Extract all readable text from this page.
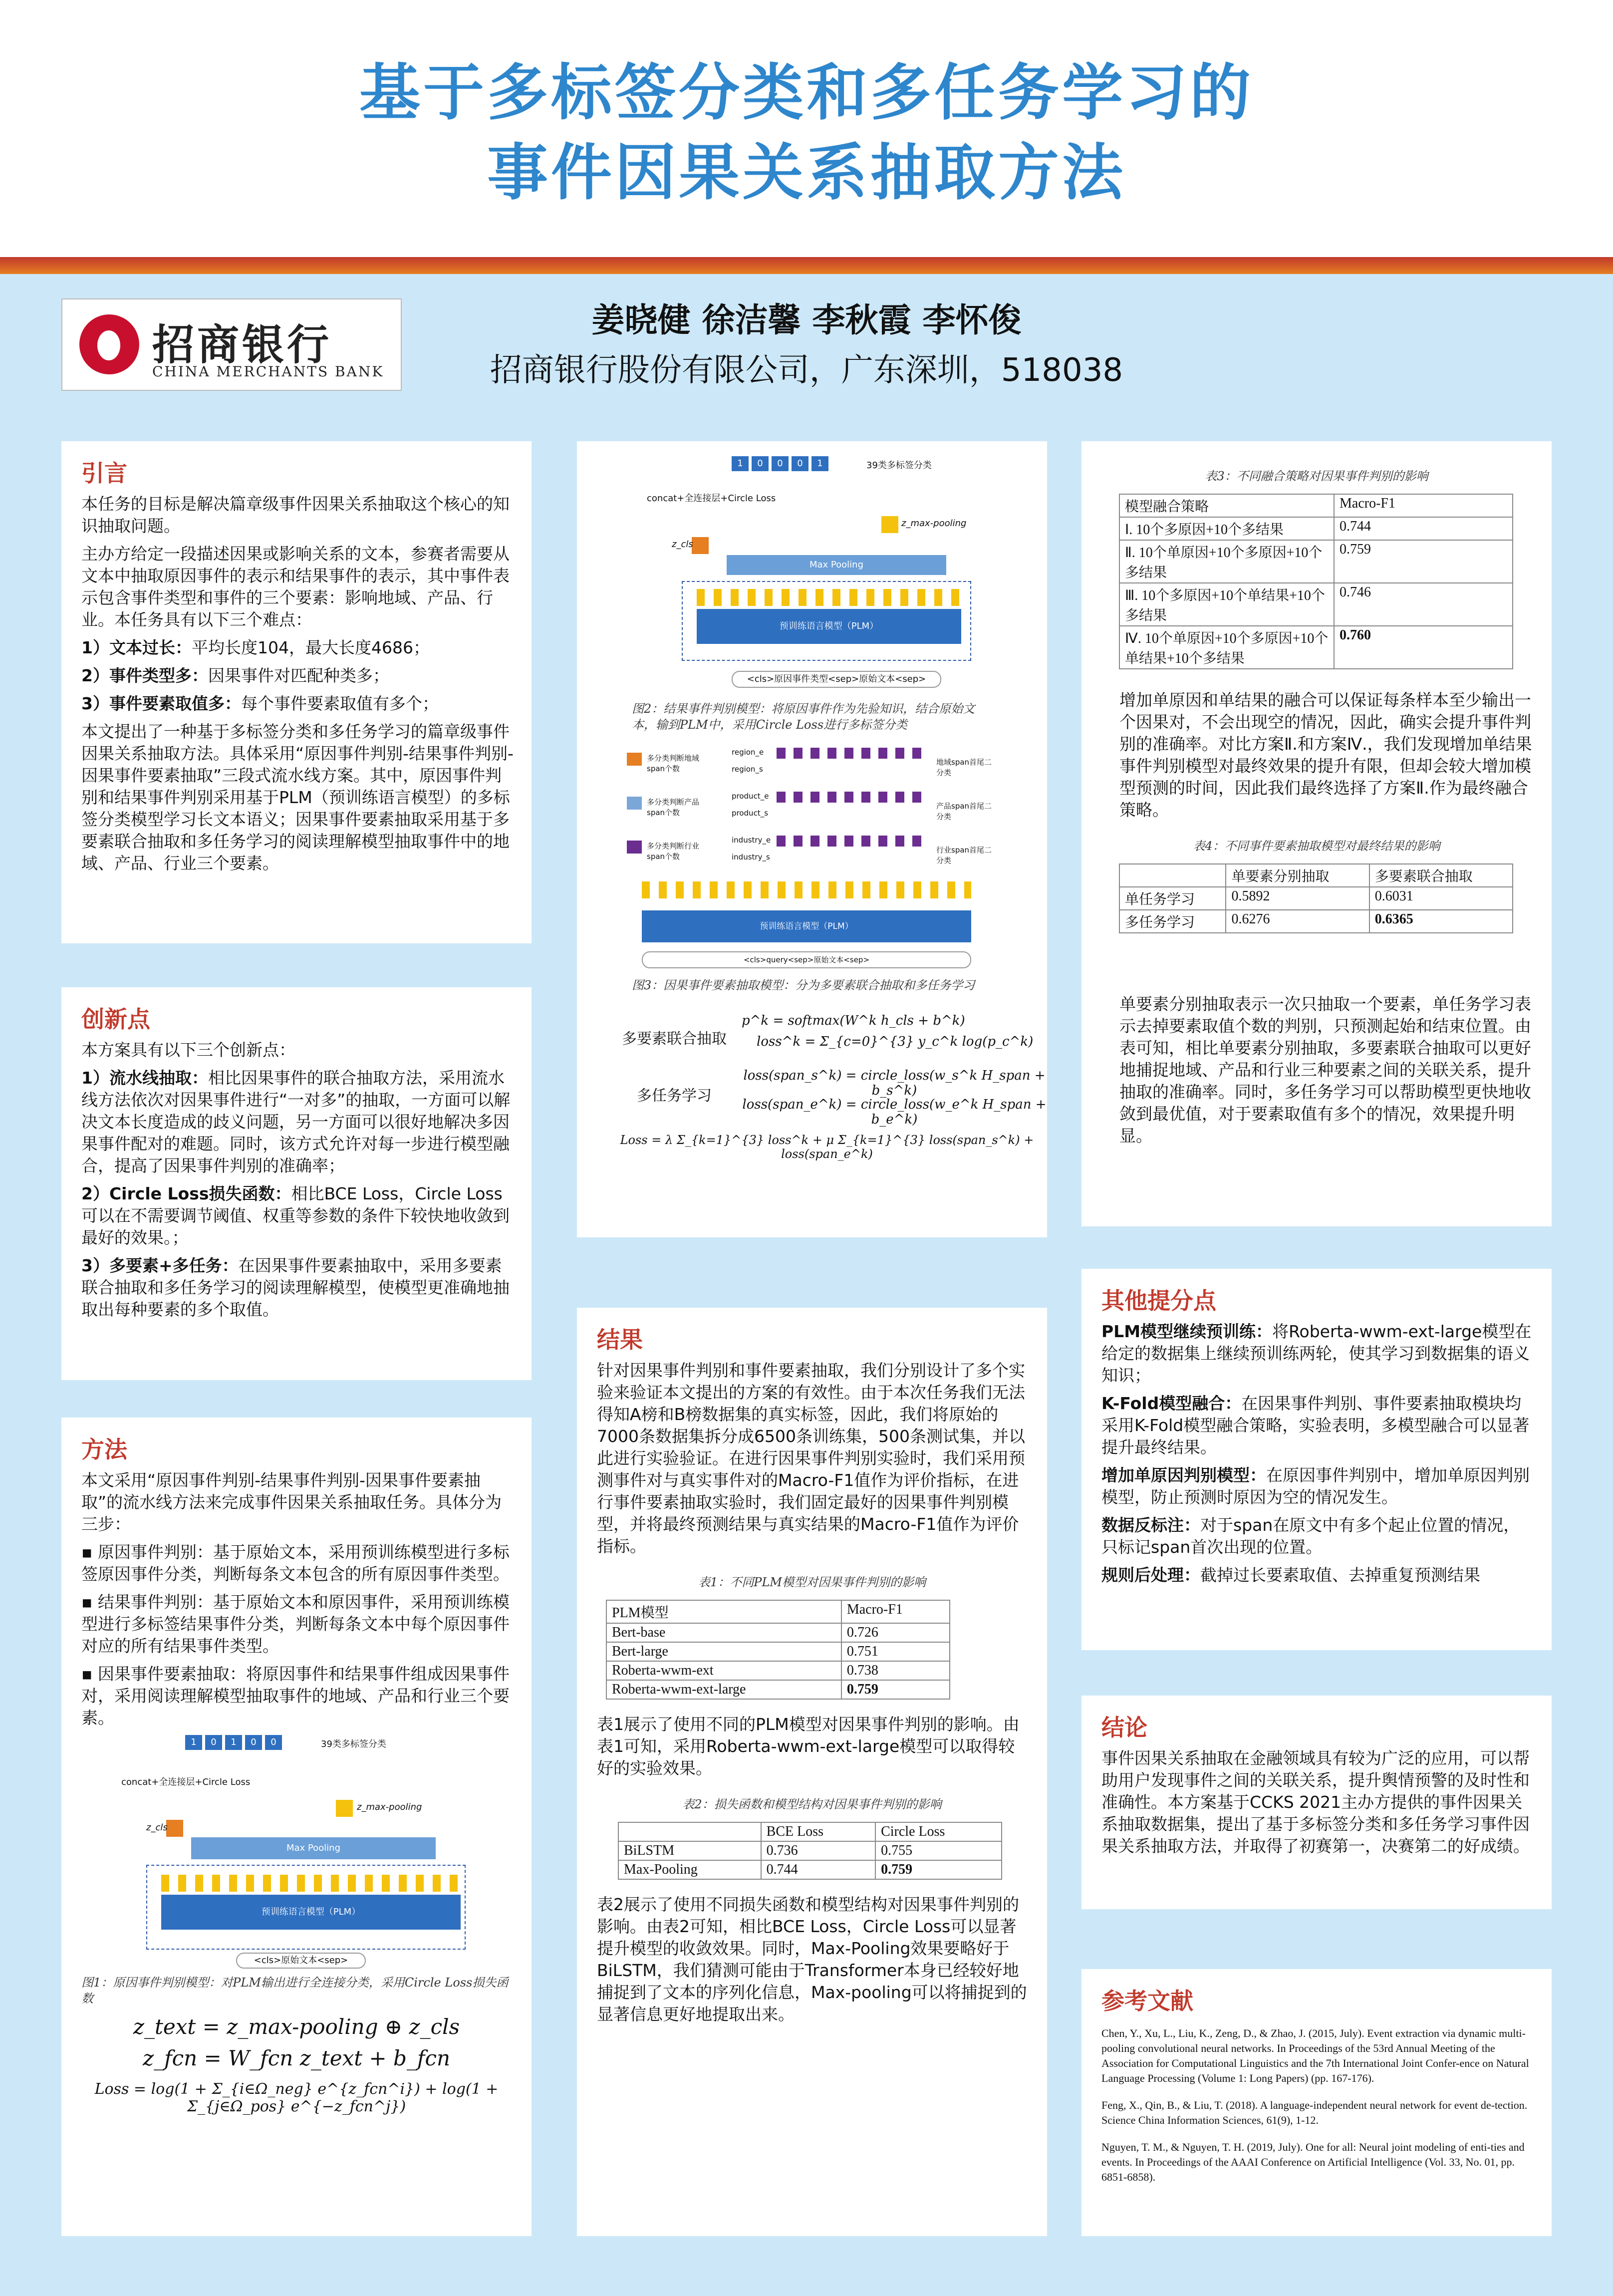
基于多标签分类和多任务学习的
事件因果关系抽取方法
招商银行
CHINA MERCHANTS BANK
姜晓健 徐洁馨 李秋霞 李怀俊
招商银行股份有限公司，广东深圳，518038
引言

本任务的目标是解决篇章级事件因果关系抽取这个核心的知识抽取问题。

主办方给定一段描述因果或影响关系的文本，参赛者需要从文本中抽取原因事件的表示和结果事件的表示，其中事件表示包含事件类型和事件的三个要素：影响地域、产品、行业。本任务具有以下三个难点：

1）文本过长：平均长度104，最大长度4686；

2）事件类型多：因果事件对匹配种类多；

3）事件要素取值多：每个事件要素取值有多个；

本文提出了一种基于多标签分类和多任务学习的篇章级事件因果关系抽取方法。具体采用“原因事件判别-结果事件判别-因果事件要素抽取”三段式流水线方案。其中，原因事件判别和结果事件判别采用基于PLM（预训练语言模型）的多标签分类模型学习长文本语义；因果事件要素抽取采用基于多要素联合抽取和多任务学习的阅读理解模型抽取事件中的地域、产品、行业三个要素。

创新点

本方案具有以下三个创新点：

1）流水线抽取：相比因果事件的联合抽取方法，采用流水线方法依次对因果事件进行“一对多”的抽取，一方面可以解决文本长度造成的歧义问题，另一方面可以很好地解决多因果事件配对的难题。同时，该方式允许对每一步进行模型融合，提高了因果事件判别的准确率；

2）Circle Loss损失函数：相比BCE Loss，Circle Loss可以在不需要调节阈值、权重等参数的条件下较快地收敛到最好的效果。；

3）多要素+多任务：在因果事件要素抽取中，采用多要素联合抽取和多任务学习的阅读理解模型，使模型更准确地抽取出每种要素的多个取值。

方法

本文采用“原因事件判别-结果事件判别-因果事件要素抽取”的流水线方法来完成事件因果关系抽取任务。具体分为三步：

▪ 原因事件判别：基于原始文本，采用预训练模型进行多标签原因事件分类，判断每条文本包含的所有原因事件类型。

▪ 结果事件判别：基于原始文本和原因事件，采用预训练模型进行多标签结果事件分类，判断每条文本中每个原因事件对应的所有结果事件类型。

▪ 因果事件要素抽取：将原因事件和结果事件组成因果事件对，采用阅读理解模型抽取事件的地域、产品和行业三个要素。

1	0	1	0	0	39类多标签分类
concat+全连接层+Circle Loss
z_max-pooling
z_cls
Max Pooling
预训练语言模型（PLM）
<cls>原始文本<sep>
图1：原因事件判别模型：对PLM输出进行全连接分类，采用Circle Loss损失函数
z_text = z_max-pooling ⊕ z_cls
z_fcn = W_fcn z_text + b_fcn
Loss = log(1 + Σ_{i∈Ω_neg} e^{z_fcn^i}) + log(1 + Σ_{j∈Ω_pos} e^{−z_fcn^j})
1	0	0	0	1	39类多标签分类
concat+全连接层+Circle Loss
z_max-pooling
z_cls
Max Pooling
预训练语言模型（PLM）
<cls>原因事件类型<sep>原始文本<sep>
图2：结果事件判别模型：将原因事件作为先验知识，结合原始文本，输到PLM中，采用Circle Loss进行多标签分类
多分类判断地域span个数
region_e
region_s
地域span首尾二分类
多分类判断产品span个数
product_e
product_s
产品span首尾二分类
多分类判断行业span个数
industry_e
industry_s
行业span首尾二分类
预训练语言模型（PLM）
<cls>query<sep>原始文本<sep>
图3：因果事件要素抽取模型：分为多要素联合抽取和多任务学习
多要素联合抽取
p^k = softmax(W^k h_cls + b^k)
loss^k = Σ_{c=0}^{3} y_c^k log(p_c^k)
多任务学习
loss(span_s^k) = circle_loss(w_s^k H_span + b_s^k)
loss(span_e^k) = circle_loss(w_e^k H_span + b_e^k)
Loss = λ Σ_{k=1}^{3} loss^k + μ Σ_{k=1}^{3} loss(span_s^k) + loss(span_e^k)
结果

针对因果事件判别和事件要素抽取，我们分别设计了多个实验来验证本文提出的方案的有效性。由于本次任务我们无法得知A榜和B榜数据集的真实标签，因此，我们将原始的7000条数据集拆分成6500条训练集，500条测试集，并以此进行实验验证。在进行因果事件判别实验时，我们采用预测事件对与真实事件对的Macro-F1值作为评价指标，在进行事件要素抽取实验时，我们固定最好的因果事件判别模型，并将最终预测结果与真实结果的Macro-F1值作为评价指标。

表1：不同PLM模型对因果事件判别的影响
PLM模型	Macro-F1
Bert-base	0.726
Bert-large	0.751
Roberta-wwm-ext	0.738
Roberta-wwm-ext-large	0.759

表1展示了使用不同的PLM模型对因果事件判别的影响。由表1可知，采用Roberta-wwm-ext-large模型可以取得较好的实验效果。

表2：损失函数和模型结构对因果事件判别的影响
	BCE Loss	Circle Loss
BiLSTM	0.736	0.755
Max-Pooling	0.744	0.759

表2展示了使用不同损失函数和模型结构对因果事件判别的影响。由表2可知，相比BCE Loss，Circle Loss可以显著提升模型的收敛效果。同时，Max-Pooling效果要略好于BiLSTM，我们猜测可能由于Transformer本身已经较好地捕捉到了文本的序列化信息，Max-pooling可以将捕捉到的显著信息更好地提取出来。

表3：不同融合策略对因果事件判别的影响
模型融合策略	Macro-F1
Ⅰ. 10个多原因+10个多结果	0.744
Ⅱ. 10个单原因+10个多原因+10个多结果	0.759
Ⅲ. 10个多原因+10个单结果+10个多结果	0.746
Ⅳ. 10个单原因+10个多原因+10个单结果+10个多结果	0.760

增加单原因和单结果的融合可以保证每条样本至少输出一个因果对，不会出现空的情况，因此，确实会提升事件判别的准确率。对比方案Ⅱ.和方案Ⅳ.，我们发现增加单结果事件判别模型对最终效果的提升有限，但却会较大增加模型预测的时间，因此我们最终选择了方案Ⅱ.作为最终融合策略。

表4：不同事件要素抽取模型对最终结果的影响
	单要素分别抽取	多要素联合抽取
单任务学习	0.5892	0.6031
多任务学习	0.6276	0.6365

单要素分别抽取表示一次只抽取一个要素，单任务学习表示去掉要素取值个数的判别，只预测起始和结束位置。由表可知，相比单要素分别抽取，多要素联合抽取可以更好地捕捉地域、产品和行业三种要素之间的关联关系，提升抽取的准确率。同时，多任务学习可以帮助模型更快地收敛到最优值，对于要素取值有多个的情况，效果提升明显。

其他提分点

PLM模型继续预训练：将Roberta-wwm-ext-large模型在给定的数据集上继续预训练两轮，使其学习到数据集的语义知识；

K-Fold模型融合：在因果事件判别、事件要素抽取模块均采用K-Fold模型融合策略，实验表明，多模型融合可以显著提升最终结果。

增加单原因判别模型：在原因事件判别中，增加单原因判别模型，防止预测时原因为空的情况发生。

数据反标注：对于span在原文中有多个起止位置的情况，只标记span首次出现的位置。

规则后处理：截掉过长要素取值、去掉重复预测结果

结论

事件因果关系抽取在金融领域具有较为广泛的应用，可以帮助用户发现事件之间的关联关系，提升舆情预警的及时性和准确性。本方案基于CCKS 2021主办方提供的事件因果关系抽取数据集，提出了基于多标签分类和多任务学习事件因果关系抽取方法，并取得了初赛第一，决赛第二的好成绩。

参考文献

Chen, Y., Xu, L., Liu, K., Zeng, D., & Zhao, J. (2015, July). Event extraction via dynamic multi-pooling convolutional neural networks. In Proceedings of the 53rd Annual Meeting of the Association for Computational Linguistics and the 7th International Joint Confer-ence on Natural Language Processing (Volume 1: Long Papers) (pp. 167-176).

Feng, X., Qin, B., & Liu, T. (2018). A language-independent neural network for event de-tection. Science China Information Sciences, 61(9), 1-12.

Nguyen, T. M., & Nguyen, T. H. (2019, July). One for all: Neural joint modeling of enti-ties and events. In Proceedings of the AAAI Conference on Artificial Intelligence (Vol. 33, No. 01, pp. 6851-6858).
